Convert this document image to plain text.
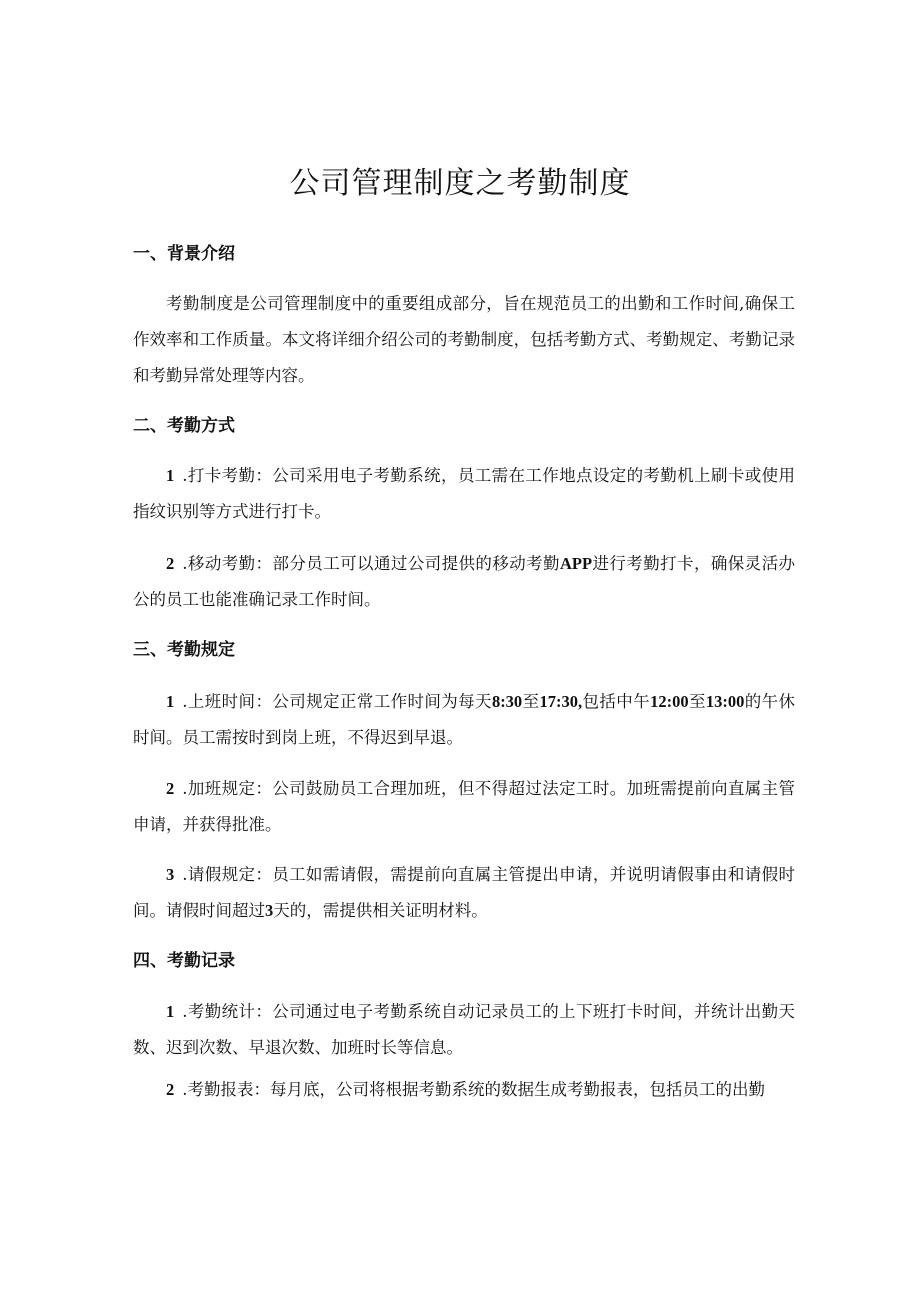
公司管理制度之考勤制度
一、背景介绍

考勤制度是公司管理制度中的重要组成部分，旨在规范员工的出勤和工作时间,确保工作效率和工作质量。本文将详细介绍公司的考勤制度，包括考勤方式、考勤规定、考勤记录和考勤异常处理等内容。

二、考勤方式

1 .打卡考勤：公司采用电子考勤系统，员工需在工作地点设定的考勤机上刷卡或使用指纹识别等方式进行打卡。

2 .移动考勤：部分员工可以通过公司提供的移动考勤APP进行考勤打卡，确保灵活办公的员工也能准确记录工作时间。

三、考勤规定

1 .上班时间：公司规定正常工作时间为每天8:30至17:30,包括中午12:00至13:00的午休时间。员工需按时到岗上班，不得迟到早退。

2 .加班规定：公司鼓励员工合理加班，但不得超过法定工时。加班需提前向直属主管申请，并获得批准。

3 .请假规定：员工如需请假，需提前向直属主管提出申请，并说明请假事由和请假时间。请假时间超过3天的，需提供相关证明材料。

四、考勤记录

1 .考勤统计：公司通过电子考勤系统自动记录员工的上下班打卡时间，并统计出勤天数、迟到次数、早退次数、加班时长等信息。

2 .考勤报表：每月底，公司将根据考勤系统的数据生成考勤报表，包括员工的出勤
